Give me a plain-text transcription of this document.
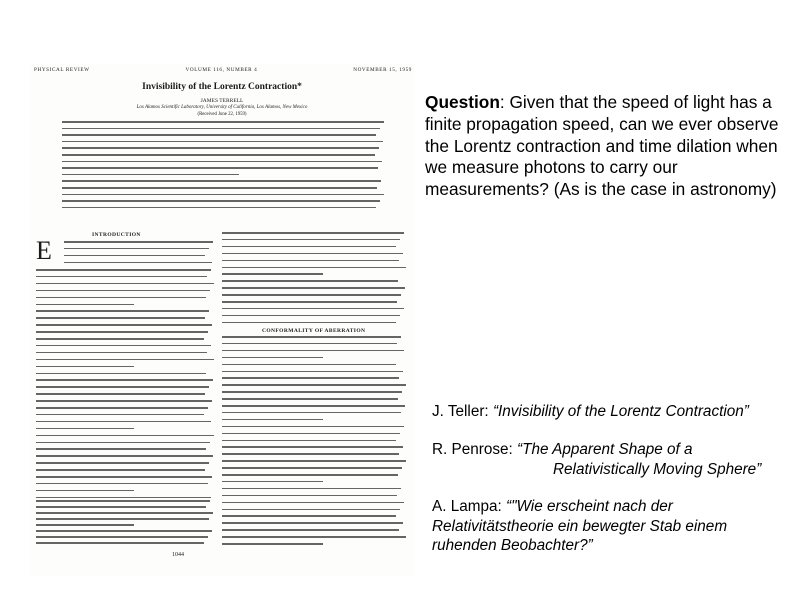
PHYSICAL REVIEW	VOLUME 116, NUMBER 4	NOVEMBER 15, 1959
Invisibility of the Lorentz Contraction*
JAMES TERRELL
Los Alamos Scientific Laboratory, University of California, Los Alamos, New Mexico
(Received June 22, 1959)
INTRODUCTION
CONFORMALITY OF ABERRATION
E
1044
Question: Given that the speed of light has a finite propagation speed, can we ever observe the Lorentz contraction and time dilation when we measure photons to carry our measurements? (As is the case in astronomy)
J. Teller: “Invisibility of the Lorentz Contraction”
R. Penrose: “The Apparent Shape of a
Relativistically Moving Sphere”
A. Lampa: “"Wie erscheint nach der
Relativitätstheorie ein bewegter Stab einem
ruhenden Beobachter?”
